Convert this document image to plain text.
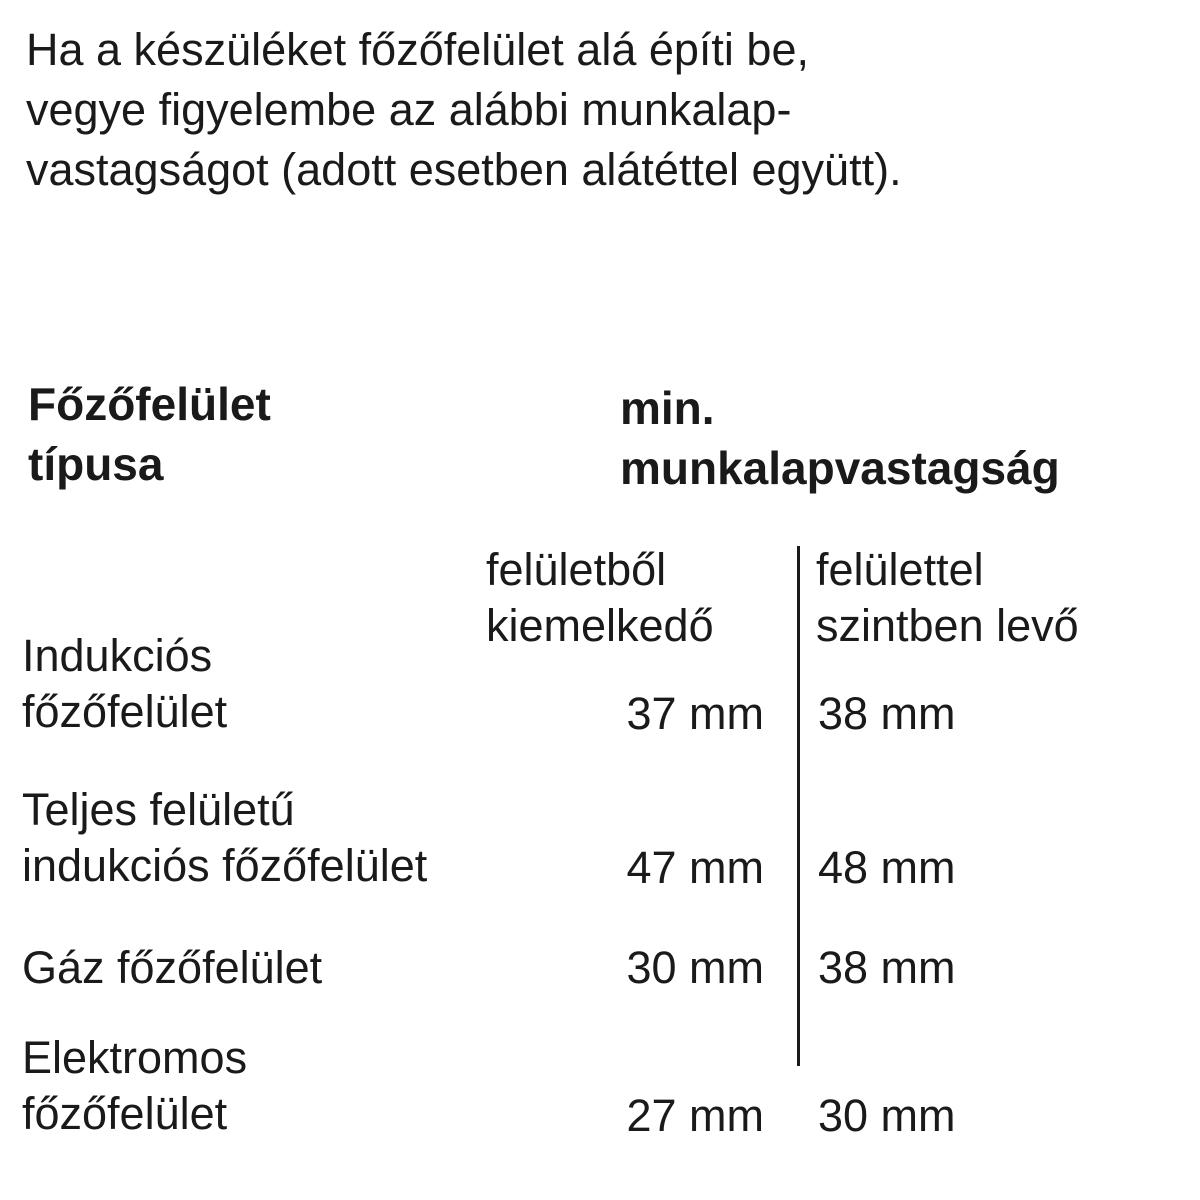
Ha a készüléket főzőfelület alá építi be,
vegye figyelembe az alábbi munkalap-
vastagságot (adott esetben alátéttel együtt).
Főzőfelület
típusa
min.
munkalapvastagság
felületből
kiemelkedő
felülettel
szintben levő
Indukciós
főzőfelület	37 mm 38 mm
Teljes felületű
indukciós főzőfelület	47 mm 48 mm
Gáz főzőfelület	30 mm 38 mm
Elektromos
főzőfelület	27 mm 30 mm
